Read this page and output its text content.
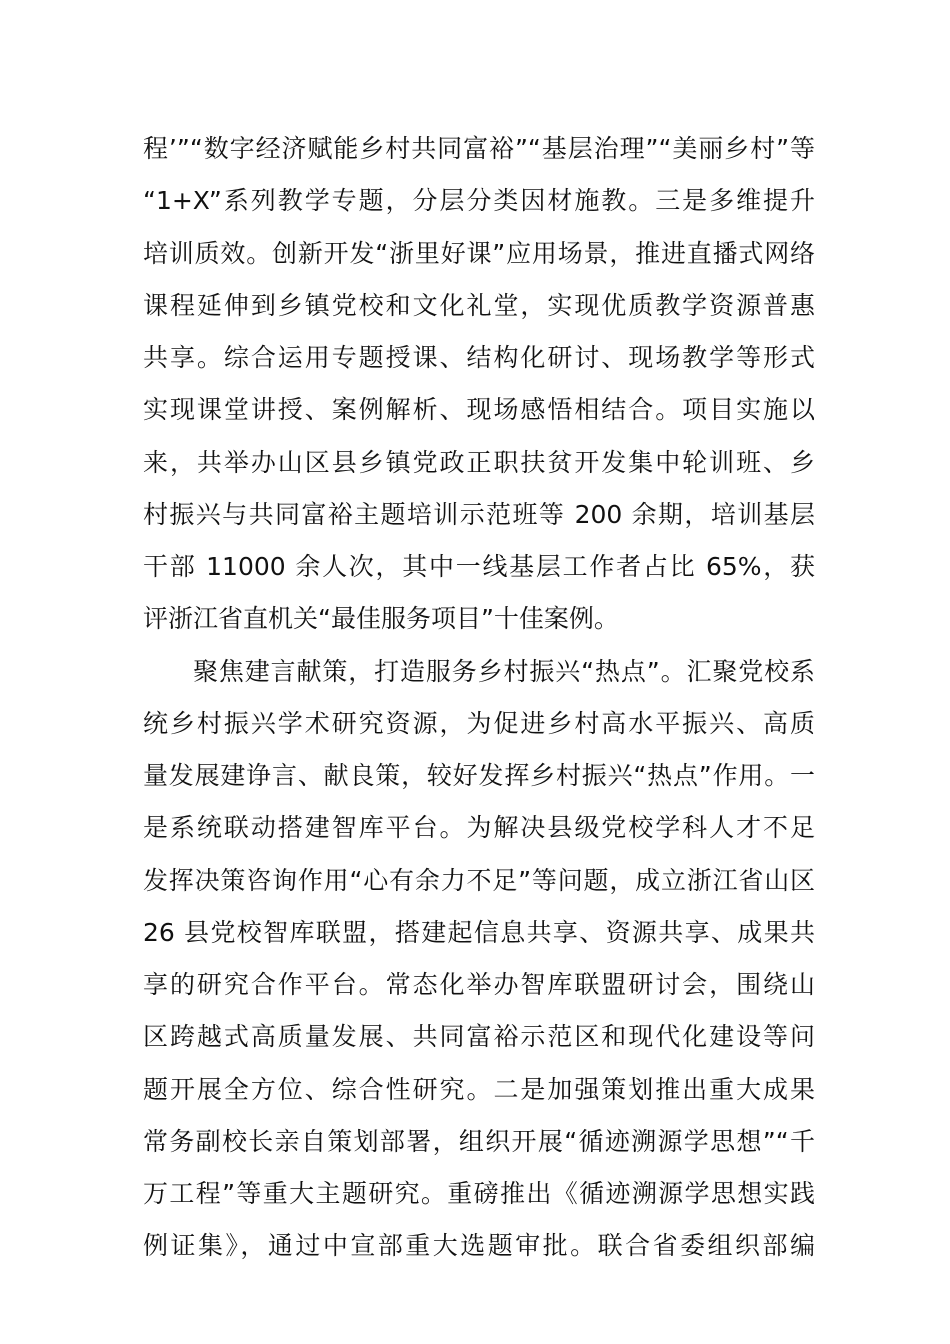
程’”“数字经济赋能乡村共同富裕”“基层治理”“美丽乡村”等
“1+X”系列教学专题，分层分类因材施教。三是多维提升
培训质效。创新开发“浙里好课”应用场景，推进直播式网络
课程延伸到乡镇党校和文化礼堂，实现优质教学资源普惠
共享。综合运用专题授课、结构化研讨、现场教学等形式
实现课堂讲授、案例解析、现场感悟相结合。项目实施以
来，共举办山区县乡镇党政正职扶贫开发集中轮训班、乡
村振兴与共同富裕主题培训示范班等 200 余期，培训基层
干部 11000 余人次，其中一线基层工作者占比 65%，获
评浙江省直机关“最佳服务项目”十佳案例。
聚焦建言献策，打造服务乡村振兴“热点”。汇聚党校系
统乡村振兴学术研究资源，为促进乡村高水平振兴、高质
量发展建诤言、献良策，较好发挥乡村振兴“热点”作用。一
是系统联动搭建智库平台。为解决县级党校学科人才不足
发挥决策咨询作用“心有余力不足”等问题，成立浙江省山区
26 县党校智库联盟，搭建起信息共享、资源共享、成果共
享的研究合作平台。常态化举办智库联盟研讨会，围绕山
区跨越式高质量发展、共同富裕示范区和现代化建设等问
题开展全方位、综合性研究。二是加强策划推出重大成果
常务副校长亲自策划部署，组织开展“循迹溯源学思想”“千
万工程”等重大主题研究。重磅推出《循迹溯源学思想实践
例证集》，通过中宣部重大选题审批。联合省委组织部编
